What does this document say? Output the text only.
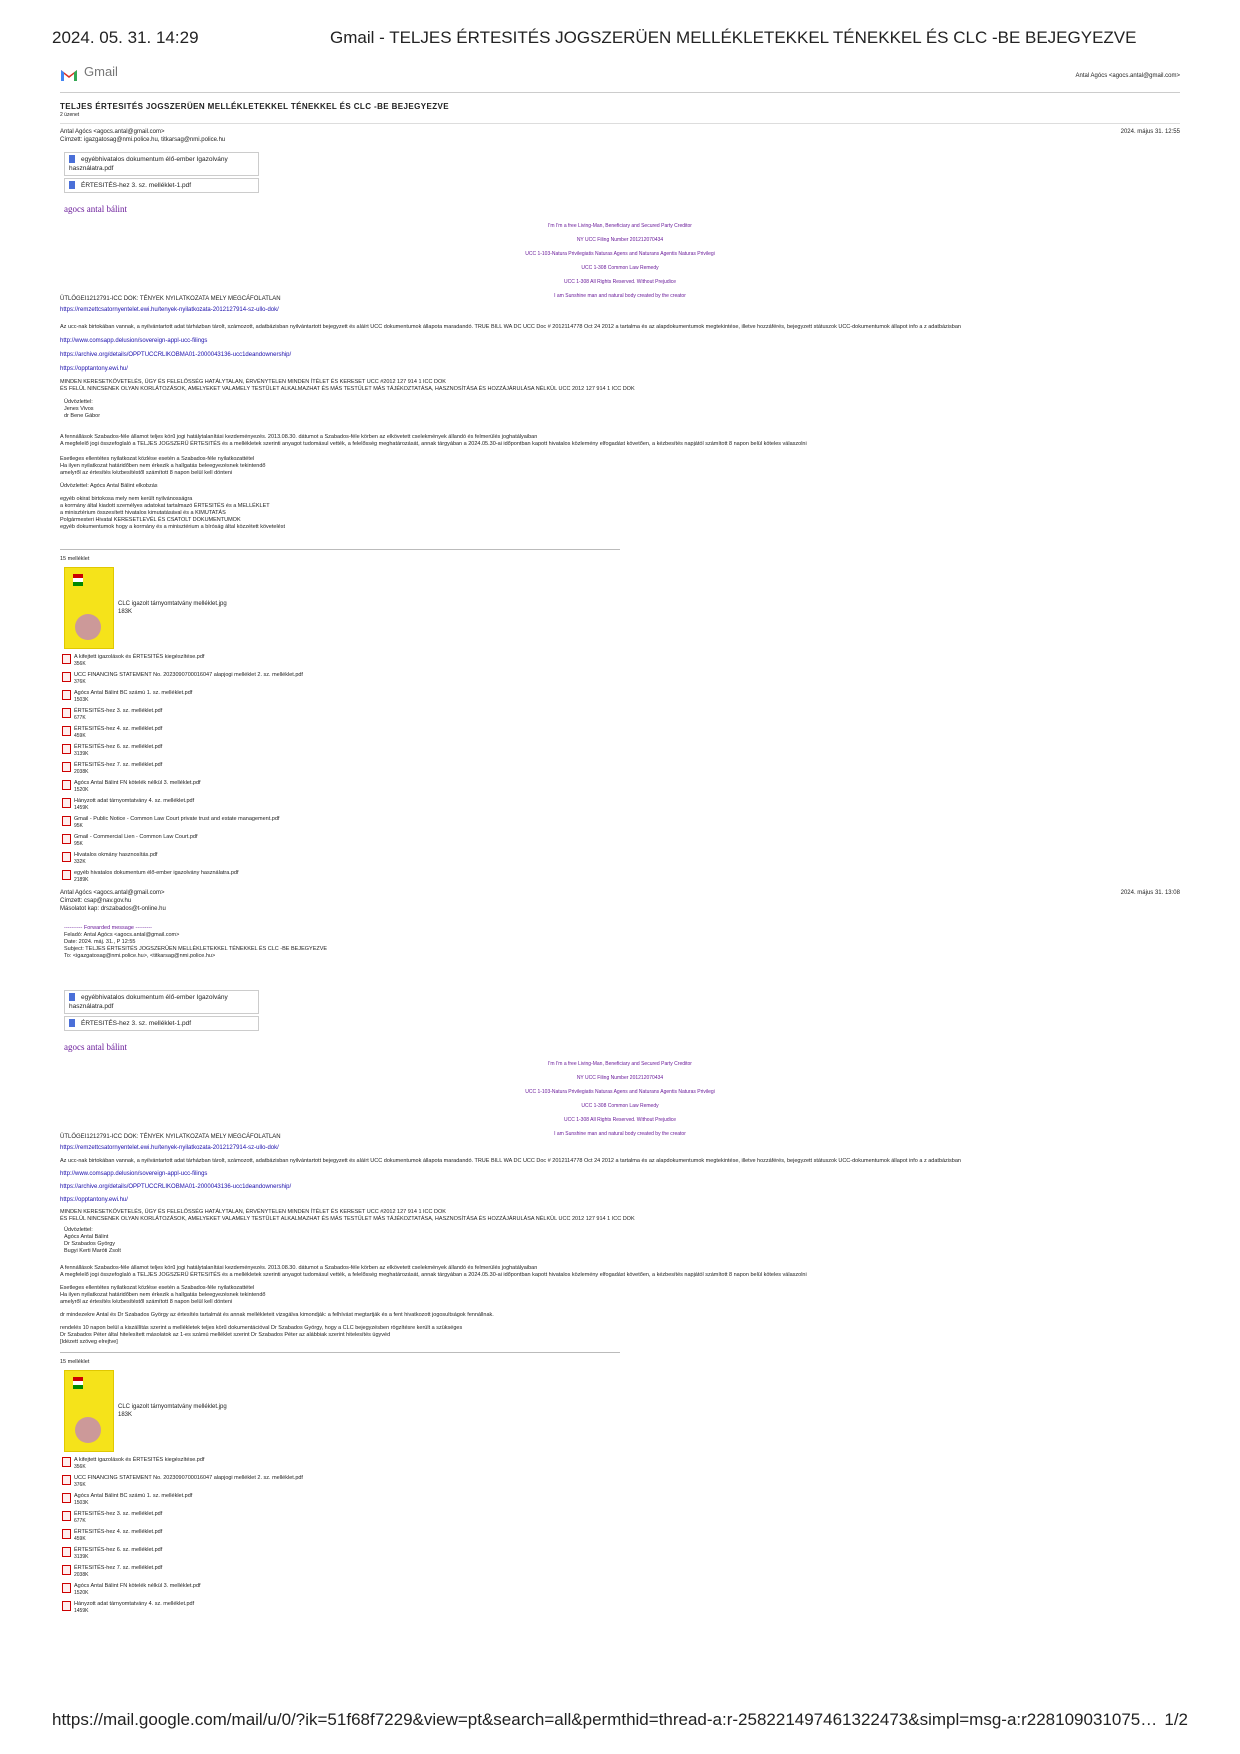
2024. 05. 31. 14:29	Gmail - TELJES ÉRTESITÉS JOGSZERÜEN MELLÉKLETEKKEL TÉNEKKEL ÉS CLC -BE BEJEGYEZVE
Gmail	Antal Agócs <agocs.antal@gmail.com>
TELJES ÉRTESITÉS JOGSZERÜEN MELLÉKLETEKKEL TÉNEKKEL ÉS CLC -BE BEJEGYEZVE
2 üzenet
Antal Agócs <agocs.antal@gmail.com>
Címzett: igazgatosag@nmi.police.hu, titkarsag@nmi.police.hu
2024. május 31. 12:55
egyébhivatalos dokumentum élő-ember Igazolvány használatra.pdf
ÉRTESITÉS-hez 3. sz. melléklet-1.pdf
agocs antal bálint
I'm I'm a free Living-Man, Beneficiary and Secured Party Creditor
NY UCC Filing Number 201212070434
UCC 1-103-Natura Privilegiatis Naturas Agens and Naturans Agentis Naturas Privilegi
UCC 1-308 Common Law Remedy
UCC 1-308 All Rights Reserved. Without Prejudice
I am Sunshine man and natural body created by the creator
ÜTLÖGEI1212791-ICC DOK: TÉNYEK NYILATKOZATA MELY MEGCÁFOLATLAN
https://remzettcsatornyentelet.ewi.hu/tenyek-nyilatkozata-2012127914-sz-ullo-dok/
Az ucc-nak birtokában vannak, a nyilvántartott adat tárházban tárolt, számozott, adatbázisban nyilvántartott bejegyzett és aláírt UCC dokumentumok állapota maradandó. TRUE BILL WA DC UCC Doc # 2012114778 Oct 24 2012 a tartalma és az alapdokumentumok megtekintése, illetve hozzáférés, bejegyzett státuszok UCC-dokumentumok állapot info a z adatbázisban
http://www.comsapp.delusion/sovereign-appl-ucc-filings
https://archive.org/details/OPPTUCCRLIKOBMA01-2000043136-ucc1deandownership/
https://opptantony.ewi.hu/
MINDEN KERESETKÖVETELÉS, ÜGY ÉS FELELŐSSÉG HATÁLYTALAN, ÉRVÉNYTELEN MINDEN ÍTÉLET ÉS KERESET UCC #2012 127 914 1 ICC DOK
ÉS FELÜL NINCSENEK OLYAN KORLÁTOZÁSOK, AMELYEKET VALAMELY TESTÜLET ALKALMAZHAT ÉS MÁS TESTÜLET MÁS TÁJÉKOZTATÁSA, HASZNOSÍTÁSA ÉS HOZZÁJÁRULÁSA NÉLKÜL UCC 2012 127 914 1 ICC DOK
Üdvözlettel:
Jenes Vivos
dr Bene Gábor
A fennállások Szabados-féle államot teljes körű jogi hatálytalanítási kezdeményezés. 2013.08.30. dátumot a Szabados-féle körben az elkövetett cselekmények állandó és felmerülés joghatályaiban
A megfelelő jogi összefoglaló a TELJES JOGSZERÜ ÉRTESITÉS és a mellékletek szerinti anyagot tudomásul vették, a felelősség meghatározását, annak tárgyában a 2024.05.30-ai időpontban kapott hivatalos közlemény elfogadást követően, a kézbesítés napjától számított 8 napon belül köteles válaszolni
Esetleges ellentétes nyilatkozat közlése esetén a Szabados-féle nyilatkozattétel
Ha ilyen nyilatkozat határidőben nem érkezik a hallgatás beleegyezésnek tekintendő
amelyről az értesítés kézbesítéstől számított 8 napon belül kell dönteni
Üdvözlettel: Agócs Antal Bálint elkobzás
egyéb okirat birtokosa mely nem került nyilvánosságra
a kormány által kiadott személyes adatokat tartalmazó ÉRTESITÉS és a MELLÉKLET
a minisztérium összesített hivatalos kimutatásával és a KIMUTATÁS
Polgármesteri Hivatal KERESETLEVÉL ÉS CSATOLT DOKUMENTUMOK
egyéb dokumentumok hogy a kormány és a minisztérium a bíróság által közzétett követelést
15 melléklet
CLC igazolt tárnyomtatvány melléklet.jpg
183K
A kifejtett igazolások és ÉRTESITÉS kiegészítése.pdf
356K
UCC FINANCING STATEMENT No. 2023090700016047 alapjogi melléklet 2. sz. melléklet.pdf
376K
Agócs Antal Bálint BC számú 1. sz. melléklet.pdf
1503K
ÉRTESITÉS-hez 3. sz. melléklet.pdf
677K
ÉRTESITÉS-hez 4. sz. melléklet.pdf
459K
ÉRTESITÉS-hez 6. sz. melléklet.pdf
3139K
ÉRTESITÉS-hez 7. sz. melléklet.pdf
2038K
Agócs Antal Bálint FN kötelék nélkül 3. melléklet.pdf
1520K
Hányzott adat tárnyomtatvány 4. sz. melléklet.pdf
1459K
Gmail - Public Notice - Common Law Court private trust and estate management.pdf
95K
Gmail - Commercial Lien - Common Law Court.pdf
95K
Hivatalos okmány hasznosítás.pdf
332K
egyéb hivatalos dokumentum élő-ember igazolvány használatra.pdf
2189K
Antal Agócs <agocs.antal@gmail.com>
Címzett: csap@nav.gov.hu
Másolatot kap: drszabados@t-online.hu
2024. május 31. 13:08
---------- Forwarded message ---------
Feladó: Antal Agócs <agocs.antal@gmail.com>
Date: 2024. máj. 31., P 12:55
Subject: TELJES ÉRTESITÉS JOGSZERÜEN MELLÉKLETEKKEL TÉNEKKEL ÉS CLC -BE BEJEGYEZVE
To: <igazgatosag@nmi.police.hu>, <titkarsag@nmi.police.hu>
egyébhivatalos dokumentum élő-ember Igazolvány használatra.pdf
ÉRTESITÉS-hez 3. sz. melléklet-1.pdf
agocs antal bálint
I'm I'm a free Living-Man, Beneficiary and Secured Party Creditor
NY UCC Filing Number 201212070434
UCC 1-103-Natura Privilegiatis Naturas Agens and Naturans Agentis Naturas Privilegi
UCC 1-308 Common Law Remedy
UCC 1-308 All Rights Reserved. Without Prejudice
I am Sunshine man and natural body created by the creator
ÜTLÖGEI1212791-ICC DOK: TÉNYEK NYILATKOZATA MELY MEGCÁFOLATLAN
https://remzettcsatornyentelet.ewi.hu/tenyek-nyilatkozata-2012127914-sz-ullo-dok/
Az ucc-nak birtokában vannak, a nyilvántartott adat tárházban tárolt, számozott, adatbázisban nyilvántartott bejegyzett és aláírt UCC dokumentumok állapota maradandó. TRUE BILL WA DC UCC Doc # 2012114778 Oct 24 2012 a tartalma és az alapdokumentumok megtekintése, illetve hozzáférés, bejegyzett státuszok UCC-dokumentumok állapot info a z adatbázisban
http://www.comsapp.delusion/sovereign-appl-ucc-filings
https://archive.org/details/OPPTUCCRLIKOBMA01-2000043136-ucc1deandownership/
https://opptantony.ewi.hu/
MINDEN KERESETKÖVETELÉS, ÜGY ÉS FELELŐSSÉG HATÁLYTALAN, ÉRVÉNYTELEN MINDEN ÍTÉLET ÉS KERESET UCC #2012 127 914 1 ICC DOK
ÉS FELÜL NINCSENEK OLYAN KORLÁTOZÁSOK, AMELYEKET VALAMELY TESTÜLET ALKALMAZHAT ÉS MÁS TESTÜLET MÁS TÁJÉKOZTATÁSA, HASZNOSÍTÁSA ÉS HOZZÁJÁRULÁSA NÉLKÜL UCC 2012 127 914 1 ICC DOK
Üdvözlettel:
Agócs Antal Bálint
Dr Szabados György
Bugyi Kerti Maróti Zsolt
A fennállások Szabados-féle államot teljes körű jogi hatálytalanítási kezdeményezés. 2013.08.30. dátumot a Szabados-féle körben az elkövetett cselekmények állandó és felmerülés joghatályaiban
A megfelelő jogi összefoglaló a TELJES JOGSZERÜ ÉRTESITÉS és a mellékletek szerinti anyagot tudomásul vették, a felelősség meghatározását, annak tárgyában a 2024.05.30-ai időpontban kapott hivatalos közlemény elfogadást követően, a kézbesítés napjától számított 8 napon belül köteles válaszolni
Esetleges ellentétes nyilatkozat közlése esetén a Szabados-féle nyilatkozattétel
Ha ilyen nyilatkozat határidőben nem érkezik a hallgatás beleegyezésnek tekintendő
amelyről az értesítés kézbesítéstől számított 8 napon belül kell dönteni
dr mindezekre Antal és Dr Szabados György az értesítés tartalmát és annak mellékleteit vizsgálva kimondják: a felhívást megtartják és a fent hivatkozott jogosultságok fennállnak.
rendelés 10 napon belül a kiszállítás szerint a mellékletek teljes körű dokumentációval Dr Szabados György, hogy a CLC bejegyzésben rögzítésre került a szükséges
Dr Szabados Péter által hitelesített másolatok az 1-es számú melléklet szerint Dr Szabados Péter az alábbiak szerint hitelesítés ügyvéd
[Idézett szöveg elrejtve]
15 melléklet
CLC igazolt tárnyomtatvány melléklet.jpg
183K
A kifejtett igazolások és ÉRTESITÉS kiegészítése.pdf
356K
UCC FINANCING STATEMENT No. 2023090700016047 alapjogi melléklet 2. sz. melléklet.pdf
376K
Agócs Antal Bálint BC számú 1. sz. melléklet.pdf
1503K
ÉRTESITÉS-hez 3. sz. melléklet.pdf
677K
ÉRTESITÉS-hez 4. sz. melléklet.pdf
459K
ÉRTESITÉS-hez 6. sz. melléklet.pdf
3139K
ÉRTESITÉS-hez 7. sz. melléklet.pdf
2038K
Agócs Antal Bálint FN kötelék nélkül 3. melléklet.pdf
1520K
Hányzott adat tárnyomtatvány 4. sz. melléklet.pdf
1459K
https://mail.google.com/mail/u/0/?ik=51f68f7229&view=pt&search=all&permthid=thread-a:r-258221497461322473&simpl=msg-a:r228109031075… 1/2
